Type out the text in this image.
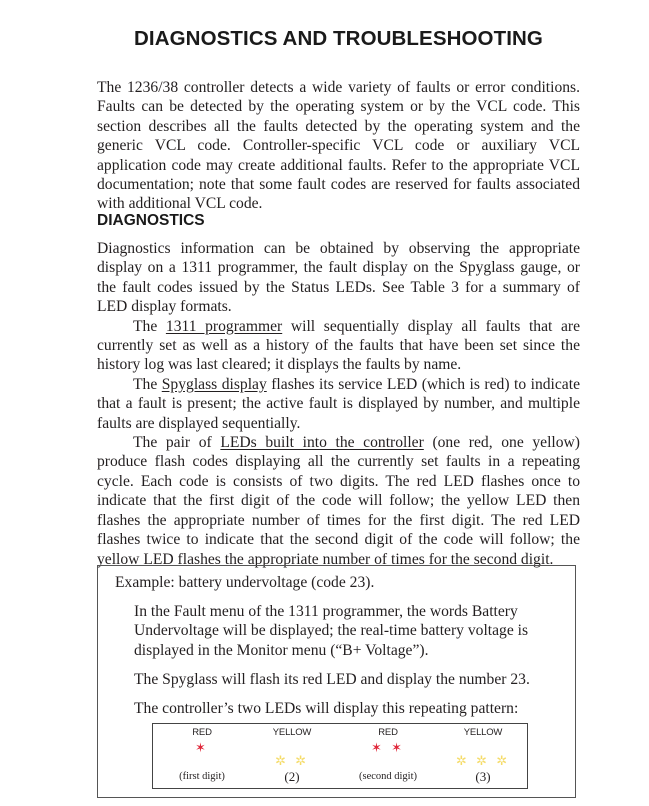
DIAGNOSTICS AND TROUBLESHOOTING

The 1236/38 controller detects a wide variety of faults or error conditions. Faults can be detected by the operating system or by the VCL code. This section describes all the faults detected by the operating system and the generic VCL code. Controller-specific VCL code or auxiliary VCL application code may create additional faults. Refer to the appropriate VCL documentation; note that some fault codes are reserved for faults associated with additional VCL code.

DIAGNOSTICS

Diagnostics information can be obtained by observing the appropriate display on a 1311 programmer, the fault display on the Spyglass gauge, or the fault codes issued by the Status LEDs. See Table 3 for a summary of LED display formats.

The 1311 programmer will sequentially display all faults that are currently set as well as a history of the faults that have been set since the history log was last cleared; it displays the faults by name.

The Spyglass display flashes its service LED (which is red) to indicate that a fault is present; the active fault is displayed by number, and multiple faults are displayed sequentially.

The pair of LEDs built into the controller (one red, one yellow) produce flash codes displaying all the currently set faults in a repeating cycle. Each code is consists of two digits. The red LED flashes once to indicate that the first digit of the code will follow; the yellow LED then flashes the appropriate number of times for the first digit. The red LED flashes twice to indicate that the second digit of the code will follow; the yellow LED flashes the appropriate number of times for the second digit.

Example: battery undervoltage (code 23).
In the Fault menu of the 1311 programmer, the words Battery Undervoltage will be displayed; the real-time battery voltage is displayed in the Monitor menu (“B+ Voltage”).
The Spyglass will flash its red LED and display the number 23.
The controller’s two LEDs will display this repeating pattern:
RED
✶
(first digit)
YELLOW
✲ ✲
(2)
RED
✶ ✶
(second digit)
YELLOW
✲ ✲ ✲
(3)
